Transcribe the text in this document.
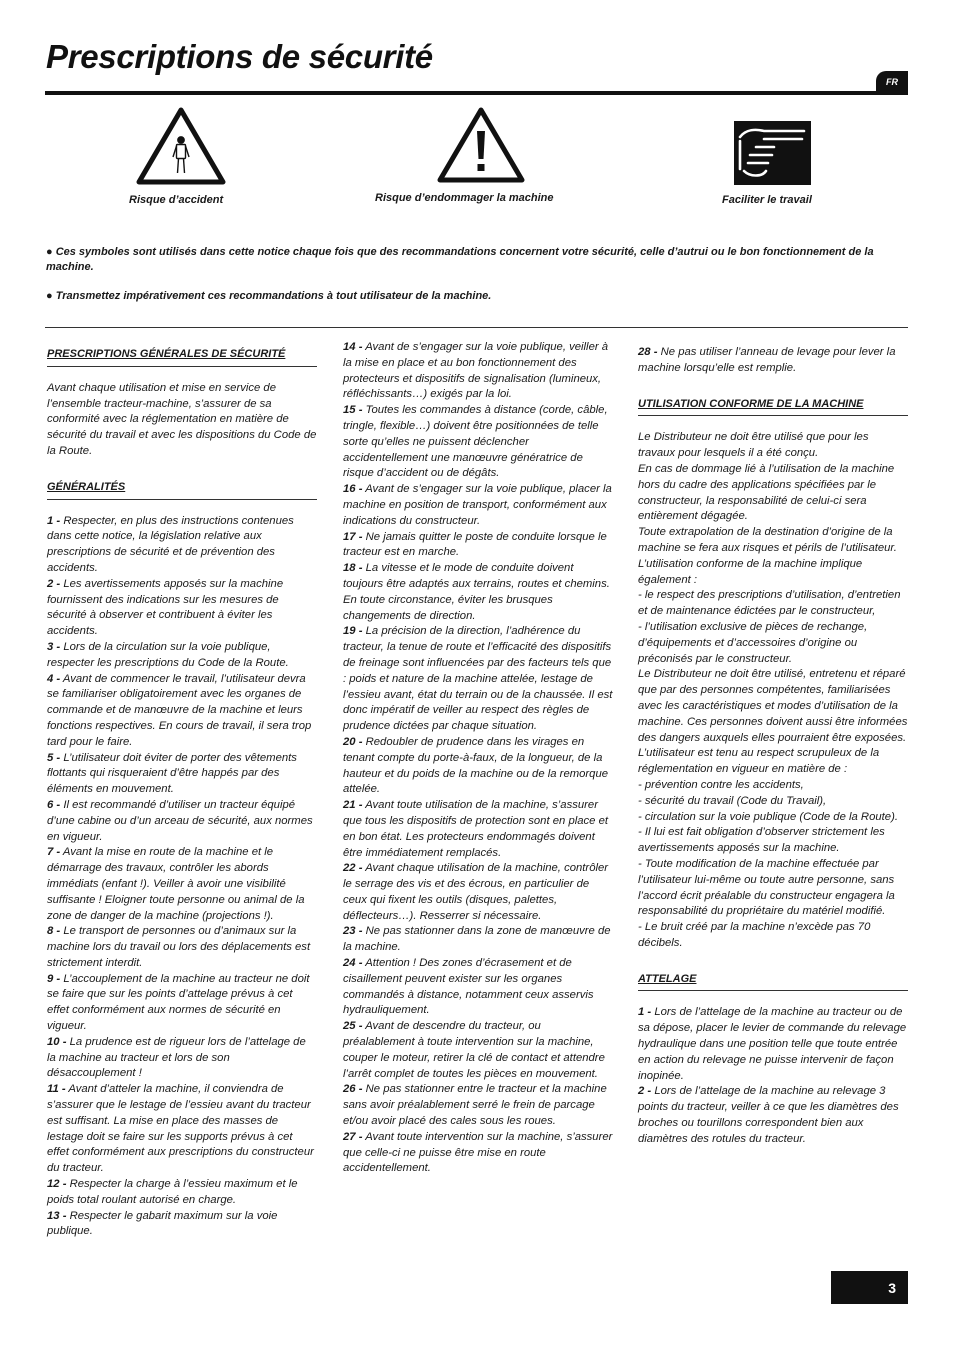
Prescriptions de sécurité
FR
Risque d’accident	Risque d’endommager la machine	Faciliter le travail

● Ces symboles sont utilisés dans cette notice chaque fois que des recommandations concernent votre sécurité, celle d’autrui ou le bon fonctionnement de la machine.

● Transmettez impérativement ces recommandations à tout utilisateur de la machine.

PRESCRIPTIONS GÉNÉRALES DE SÉCURITÉ

Avant chaque utilisation et mise en service de l’ensemble tracteur-machine, s’assurer de sa conformité avec la réglementation en matière de sécurité du travail et avec les dispositions du Code de la Route.

GÉNÉRALITÉS

1 - Respecter, en plus des instructions contenues dans cette notice, la législation relative aux prescriptions de sécurité et de prévention des accidents.

2 - Les avertissements apposés sur la machine fournissent des indications sur les mesures de sécurité à observer et contribuent à éviter les accidents.

3 - Lors de la circulation sur la voie publique, respecter les prescriptions du Code de la Route.

4 - Avant de commencer le travail, l’utilisateur devra se familiariser obligatoirement avec les organes de commande et de manœuvre de la machine et leurs fonctions respectives. En cours de travail, il sera trop tard pour le faire.

5 - L’utilisateur doit éviter de porter des vêtements flottants qui risqueraient d’être happés par des éléments en mouvement.

6 - Il est recommandé d’utiliser un tracteur équipé d’une cabine ou d’un arceau de sécurité, aux normes en vigueur.

7 - Avant la mise en route de la machine et le démarrage des travaux, contrôler les abords immédiats (enfant !). Veiller à avoir une visibilité suffisante ! Eloigner toute personne ou animal de la zone de danger de la machine (projections !).

8 - Le transport de personnes ou d’animaux sur la machine lors du travail ou lors des déplacements est strictement interdit.

9 - L’accouplement de la machine au tracteur ne doit se faire que sur les points d’attelage prévus à cet effet conformément aux normes de sécurité en vigueur.

10 - La prudence est de rigueur lors de l’attelage de la machine au tracteur et lors de son désaccouplement !

11 - Avant d’atteler la machine, il conviendra de s’assurer que le lestage de l’essieu avant du tracteur est suffisant. La mise en place des masses de lestage doit se faire sur les supports prévus à cet effet conformément aux prescriptions du constructeur du tracteur.

12 - Respecter la charge à l’essieu maximum et le poids total roulant autorisé en charge.

13 - Respecter le gabarit maximum sur la voie publique.

14 - Avant de s’engager sur la voie publique, veiller à la mise en place et au bon fonctionnement des protecteurs et dispositifs de signalisation (lumineux, réfléchissants…) exigés par la loi.

15 - Toutes les commandes à distance (corde, câble, tringle, flexible…) doivent être positionnées de telle sorte qu’elles ne puissent déclencher accidentellement une manœuvre génératrice de risque d’accident ou de dégâts.

16 - Avant de s’engager sur la voie publique, placer la machine en position de transport, conformément aux indications du constructeur.

17 - Ne jamais quitter le poste de conduite lorsque le tracteur est en marche.

18 - La vitesse et le mode de conduite doivent toujours être adaptés aux terrains, routes et chemins. En toute circonstance, éviter les brusques changements de direction.

19 - La précision de la direction, l’adhérence du tracteur, la tenue de route et l’efficacité des dispositifs de freinage sont influencées par des facteurs tels que : poids et nature de la machine attelée, lestage de l’essieu avant, état du terrain ou de la chaussée. Il est donc impératif de veiller au respect des règles de prudence dictées par chaque situation.

20 - Redoubler de prudence dans les virages en tenant compte du porte-à-faux, de la longueur, de la hauteur et du poids de la machine ou de la remorque attelée.

21 - Avant toute utilisation de la machine, s’assurer que tous les dispositifs de protection sont en place et en bon état. Les protecteurs endommagés doivent être immédiatement remplacés.

22 - Avant chaque utilisation de la machine, contrôler le serrage des vis et des écrous, en particulier de ceux qui fixent les outils (disques, palettes, déflecteurs…). Resserrer si nécessaire.

23 - Ne pas stationner dans la zone de manœuvre de la machine.

24 - Attention ! Des zones d’écrasement et de cisaillement peuvent exister sur les organes commandés à distance, notamment ceux asservis hydrauliquement.

25 - Avant de descendre du tracteur, ou préalablement à toute intervention sur la machine, couper le moteur, retirer la clé de contact et attendre l’arrêt complet de toutes les pièces en mouvement.

26 - Ne pas stationner entre le tracteur et la machine sans avoir préalablement serré le frein de parcage et/ou avoir placé des cales sous les roues.

27 - Avant toute intervention sur la machine, s’assurer que celle-ci ne puisse être mise en route accidentellement.

28 - Ne pas utiliser l’anneau de levage pour lever la machine lorsqu’elle est remplie.

UTILISATION CONFORME DE LA MACHINE

Le Distributeur ne doit être utilisé que pour les travaux pour lesquels il a été conçu.

En cas de dommage lié à l’utilisation de la machine hors du cadre des applications spécifiées par le constructeur, la responsabilité de celui-ci sera entièrement dégagée.

Toute extrapolation de la destination d’origine de la machine se fera aux risques et périls de l’utilisateur.

L’utilisation conforme de la machine implique également :

- le respect des prescriptions d’utilisation, d’entretien et de maintenance édictées par le constructeur,

- l’utilisation exclusive de pièces de rechange, d’équipements et d’accessoires d’origine ou préconisés par le constructeur.

Le Distributeur ne doit être utilisé, entretenu et réparé que par des personnes compétentes, familiarisées avec les caractéristiques et modes d’utilisation de la machine. Ces personnes doivent aussi être informées des dangers auxquels elles pourraient être exposées.

L’utilisateur est tenu au respect scrupuleux de la réglementation en vigueur en matière de :

- prévention contre les accidents,

- sécurité du travail (Code du Travail),

- circulation sur la voie publique (Code de la Route).

- Il lui est fait obligation d’observer strictement les avertissements apposés sur la machine.

- Toute modification de la machine effectuée par l’utilisateur lui-même ou toute autre personne, sans l’accord écrit préalable du constructeur engagera la responsabilité du propriétaire du matériel modifié.

- Le bruit créé par la machine n’excède pas 70 décibels.

ATTELAGE

1 - Lors de l’attelage de la machine au tracteur ou de sa dépose, placer le levier de commande du relevage hydraulique dans une position telle que toute entrée en action du relevage ne puisse intervenir de façon inopinée.

2 - Lors de l’attelage de la machine au relevage 3 points du tracteur, veiller à ce que les diamètres des broches ou tourillons correspondent bien aux diamètres des rotules du tracteur.

3
